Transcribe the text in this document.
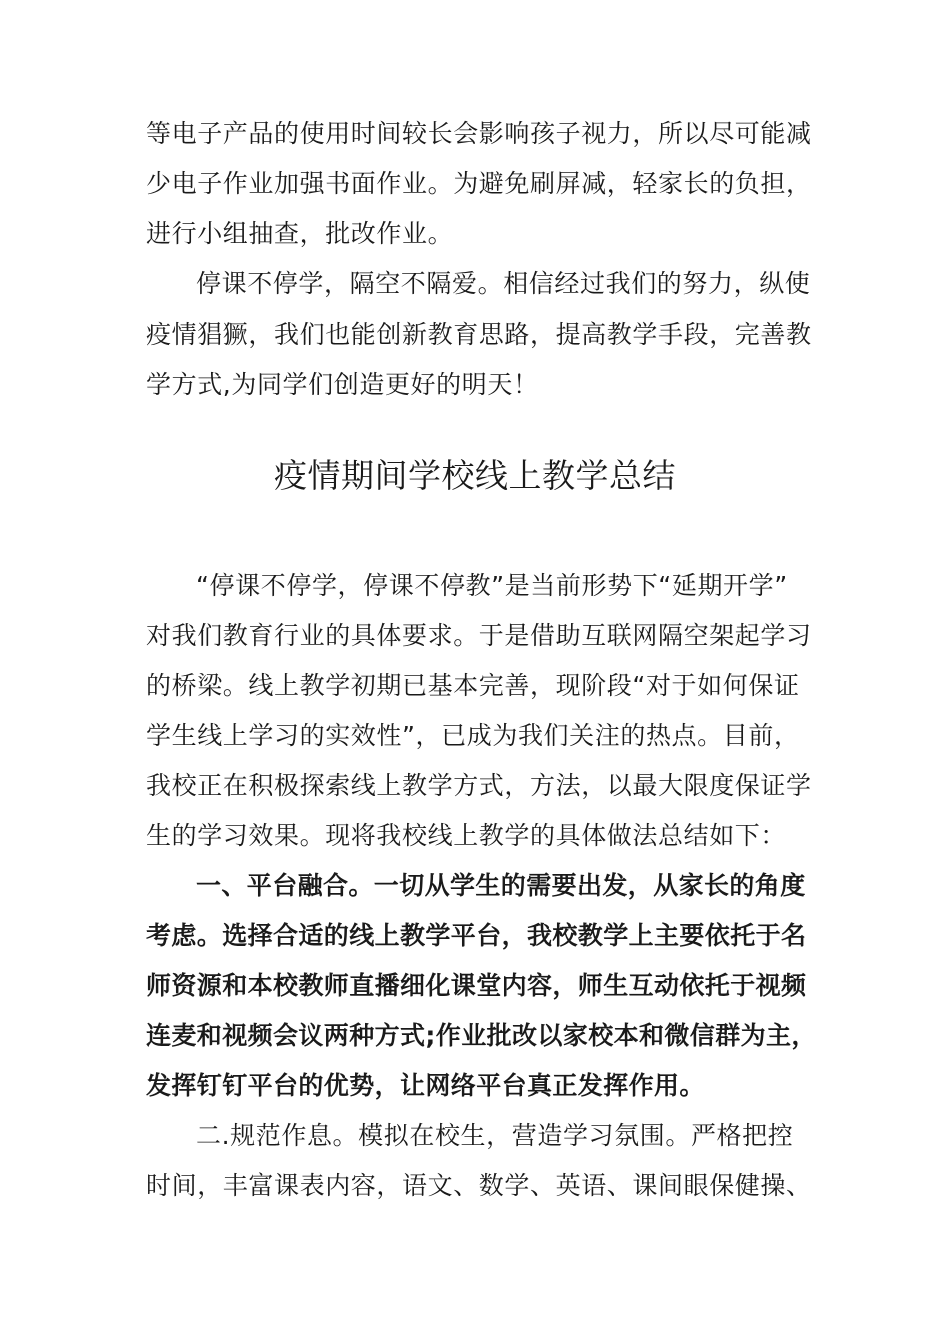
等电子产品的使用时间较长会影响孩子视力，所以尽可能减
少电子作业加强书面作业。为避免刷屏减，轻家长的负担，
进行小组抽查，批改作业。
停课不停学，隔空不隔爱。相信经过我们的努力，纵使
疫情猖獗，我们也能创新教育思路，提高教学手段，完善教
学方式,为同学们创造更好的明天！
疫情期间学校线上教学总结
“停课不停学，停课不停教”是当前形势下“延期开学”
对我们教育行业的具体要求。于是借助互联网隔空架起学习
的桥梁。线上教学初期已基本完善，现阶段“对于如何保证
学生线上学习的实效性”，已成为我们关注的热点。目前，
我校正在积极探索线上教学方式，方法，以最大限度保证学
生的学习效果。现将我校线上教学的具体做法总结如下：
一、平台融合。一切从学生的需要出发，从家长的角度
考虑。选择合适的线上教学平台，我校教学上主要依托于名
师资源和本校教师直播细化课堂内容，师生互动依托于视频
连麦和视频会议两种方式;作业批改以家校本和微信群为主，
发挥钉钉平台的优势，让网络平台真正发挥作用。
二.规范作息。模拟在校生，营造学习氛围。严格把控
时间，丰富课表内容，语文、数学、英语、课间眼保健操、
